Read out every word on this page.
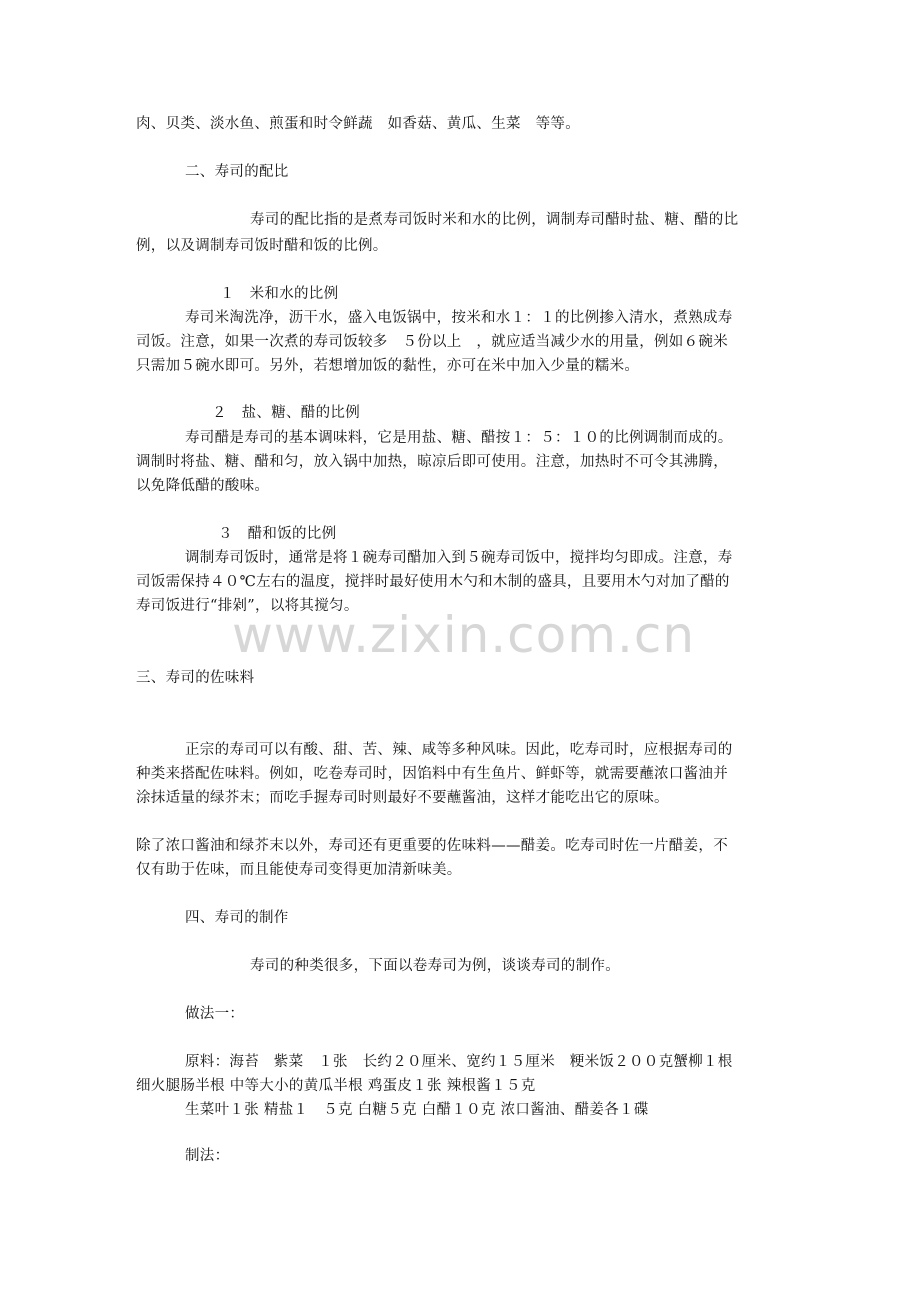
肉、贝类、淡水鱼、煎蛋和时令鲜蔬　如香菇、黄瓜、生菜　等等。
二、寿司的配比
寿司的配比指的是煮寿司饭时米和水的比例，调制寿司醋时盐、糖、醋的比
例，以及调制寿司饭时醋和饭的比例。
１　米和水的比例
寿司米淘洗净，沥干水，盛入电饭锅中，按米和水１：１的比例掺入清水，煮熟成寿
司饭。注意，如果一次煮的寿司饭较多　５份以上　，就应适当减少水的用量，例如６碗米
只需加５碗水即可。另外，若想增加饭的黏性，亦可在米中加入少量的糯米。
２　盐、糖、醋的比例
寿司醋是寿司的基本调味料，它是用盐、糖、醋按１：５：１０的比例调制而成的。
调制时将盐、糖、醋和匀，放入锅中加热，晾凉后即可使用。注意，加热时不可令其沸腾，
以免降低醋的酸味。
３　醋和饭的比例
调制寿司饭时，通常是将１碗寿司醋加入到５碗寿司饭中，搅拌均匀即成。注意，寿
司饭需保持４０℃左右的温度，搅拌时最好使用木勺和木制的盛具，且要用木勺对加了醋的
寿司饭进行“排剁”，以将其搅匀。
www.zixin.com.cn
三、寿司的佐味料
正宗的寿司可以有酸、甜、苦、辣、咸等多种风味。因此，吃寿司时，应根据寿司的
种类来搭配佐味料。例如，吃卷寿司时，因馅料中有生鱼片、鲜虾等，就需要蘸浓口酱油并
涂抹适量的绿芥末；而吃手握寿司时则最好不要蘸酱油，这样才能吃出它的原味。
除了浓口酱油和绿芥末以外，寿司还有更重要的佐味料——醋姜。吃寿司时佐一片醋姜，不
仅有助于佐味，而且能使寿司变得更加清新味美。
四、寿司的制作
寿司的种类很多，下面以卷寿司为例，谈谈寿司的制作。
做法一：
原料：海苔　紫菜　１张　长约２０厘米、宽约１５厘米　粳米饭２００克蟹柳１根
细火腿肠半根 中等大小的黄瓜半根 鸡蛋皮１张 辣根酱１５克
生菜叶１张 精盐１　５克 白糖５克 白醋１０克 浓口酱油、醋姜各１碟
制法：
